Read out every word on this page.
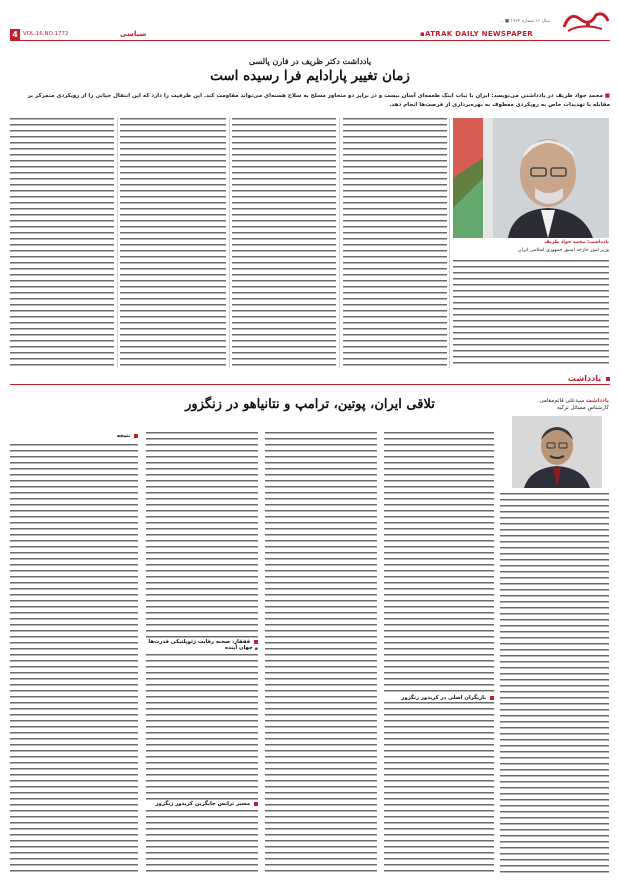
سال ۱۶ شماره ۱۷۲۲ ■ ...
4 VOL.16.NO.1772	سیاسی	▪ATRAK DAILY NEWSPAPER
یادداشت دکتر ظریف در فارن پالسی
زمان تغییر پارادایم فرا رسیده است
■ محمد جواد ظریف در یادداشتی می‌نویسد: ایران با ثبات اینک طعمه‌ای آسان نیست و در برابر دو متجاوز مسلح به سلاح هسته‌ای می‌تواند مقاومت کند. این ظرفیت را دارد که این انتقال حیاتی را از رویکردی متمرکز بر مقابله با تهدیدات خاص به رویکردی معطوف به بهره‌برداری از فرصت‌ها انجام دهد.
یادداشت: محمد جواد ظریف
وزیر امور خارجه اسبق جمهوری اسلامی ایران
یادداشت
تلاقی ایران، پوتین، ترامپ و نتانیاهو در زنگزور	یادداشت سیدعلی قائم‌مقامی
کارشناس مسائل ترکیه
بازیگران اصلی در کریدور زنگزور
قفقاز، صحنه رقابت ژئوپلتیکی قدرت‌ها و جهان آینده
مسیر ترانس جایگزین کریدور زنگزور
نتیجه
